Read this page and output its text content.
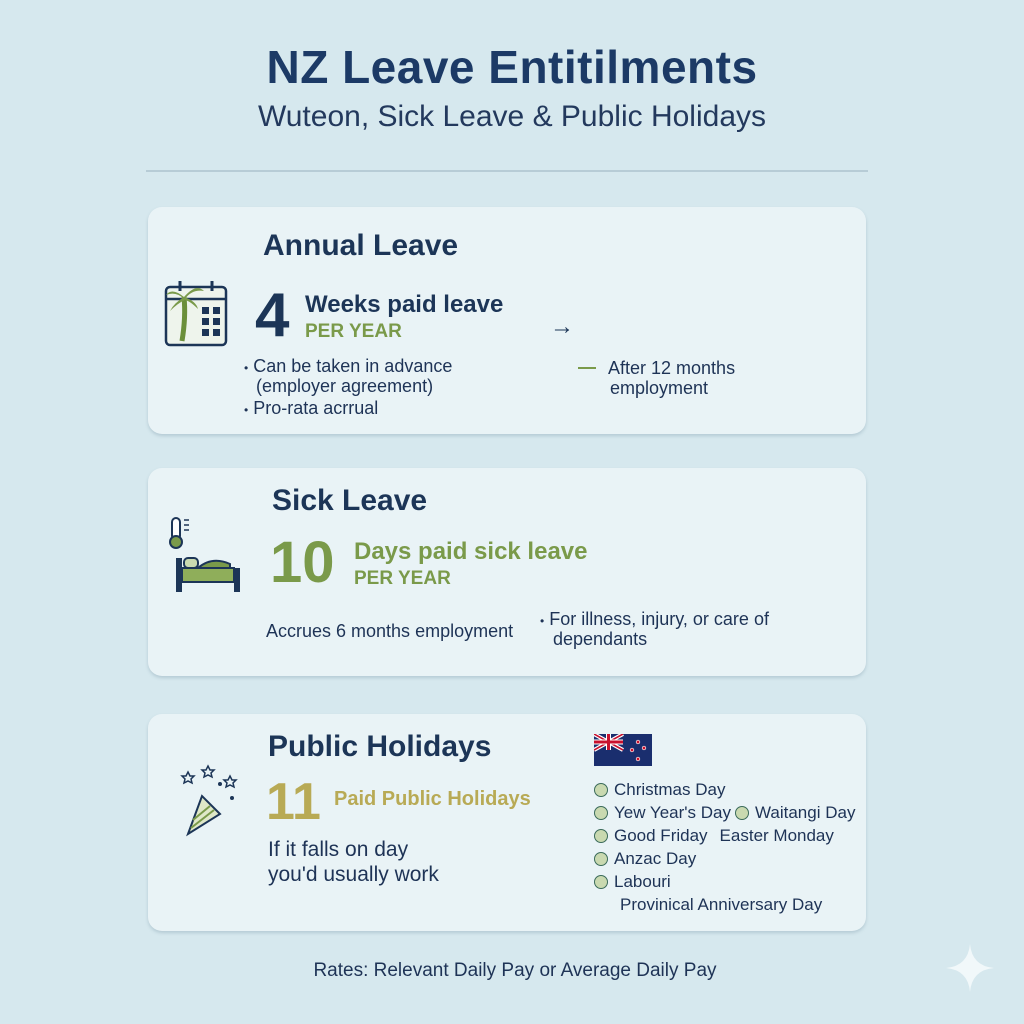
NZ Leave Entitilments
Wuteon, Sick Leave & Public Holidays
Annual Leave
4 Weeks paid leave
PER YEAR	→
• Can be taken in advance
(employer agreement)
• Pro-rata acrrual
After 12 months
employment
Sick Leave
10 Days paid sick leave
PER YEAR
Accrues 6 months employment • For illness, injury, or care of
dependants
Public Holidays
11 Paid Public Holidays
If it falls on day
you'd usually work
Christmas Day
Yew Year's Day Waitangi Day
Good Friday Easter Monday
Anzac Day
Labouri
Provinical Anniversary Day
Rates: Relevant Daily Pay or Average Daily Pay
